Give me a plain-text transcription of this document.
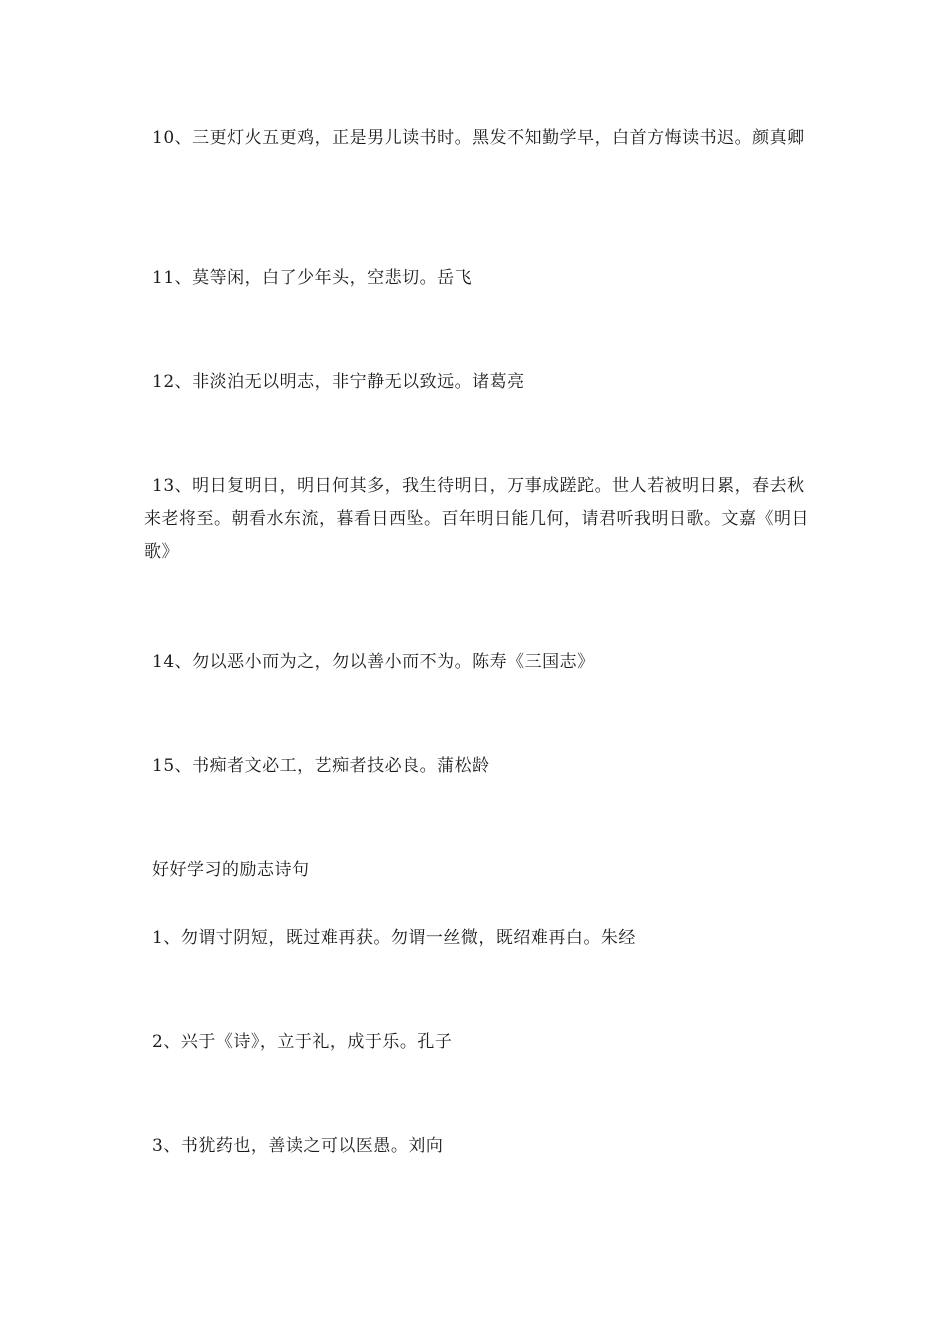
10、三更灯火五更鸡，正是男儿读书时。黑发不知勤学早，白首方悔读书迟。颜真卿

11、莫等闲，白了少年头，空悲切。岳飞

12、非淡泊无以明志，非宁静无以致远。诸葛亮

13、明日复明日，明日何其多，我生待明日，万事成蹉跎。世人若被明日累，春去秋来老将至。朝看水东流，暮看日西坠。百年明日能几何，请君听我明日歌。文嘉《明日歌》

14、勿以恶小而为之，勿以善小而不为。陈寿《三国志》

15、书痴者文必工，艺痴者技必良。蒲松龄

好好学习的励志诗句

1、勿谓寸阴短，既过难再获。勿谓一丝微，既绍难再白。朱经

2、兴于《诗》，立于礼，成于乐。孔子

3、书犹药也，善读之可以医愚。刘向
